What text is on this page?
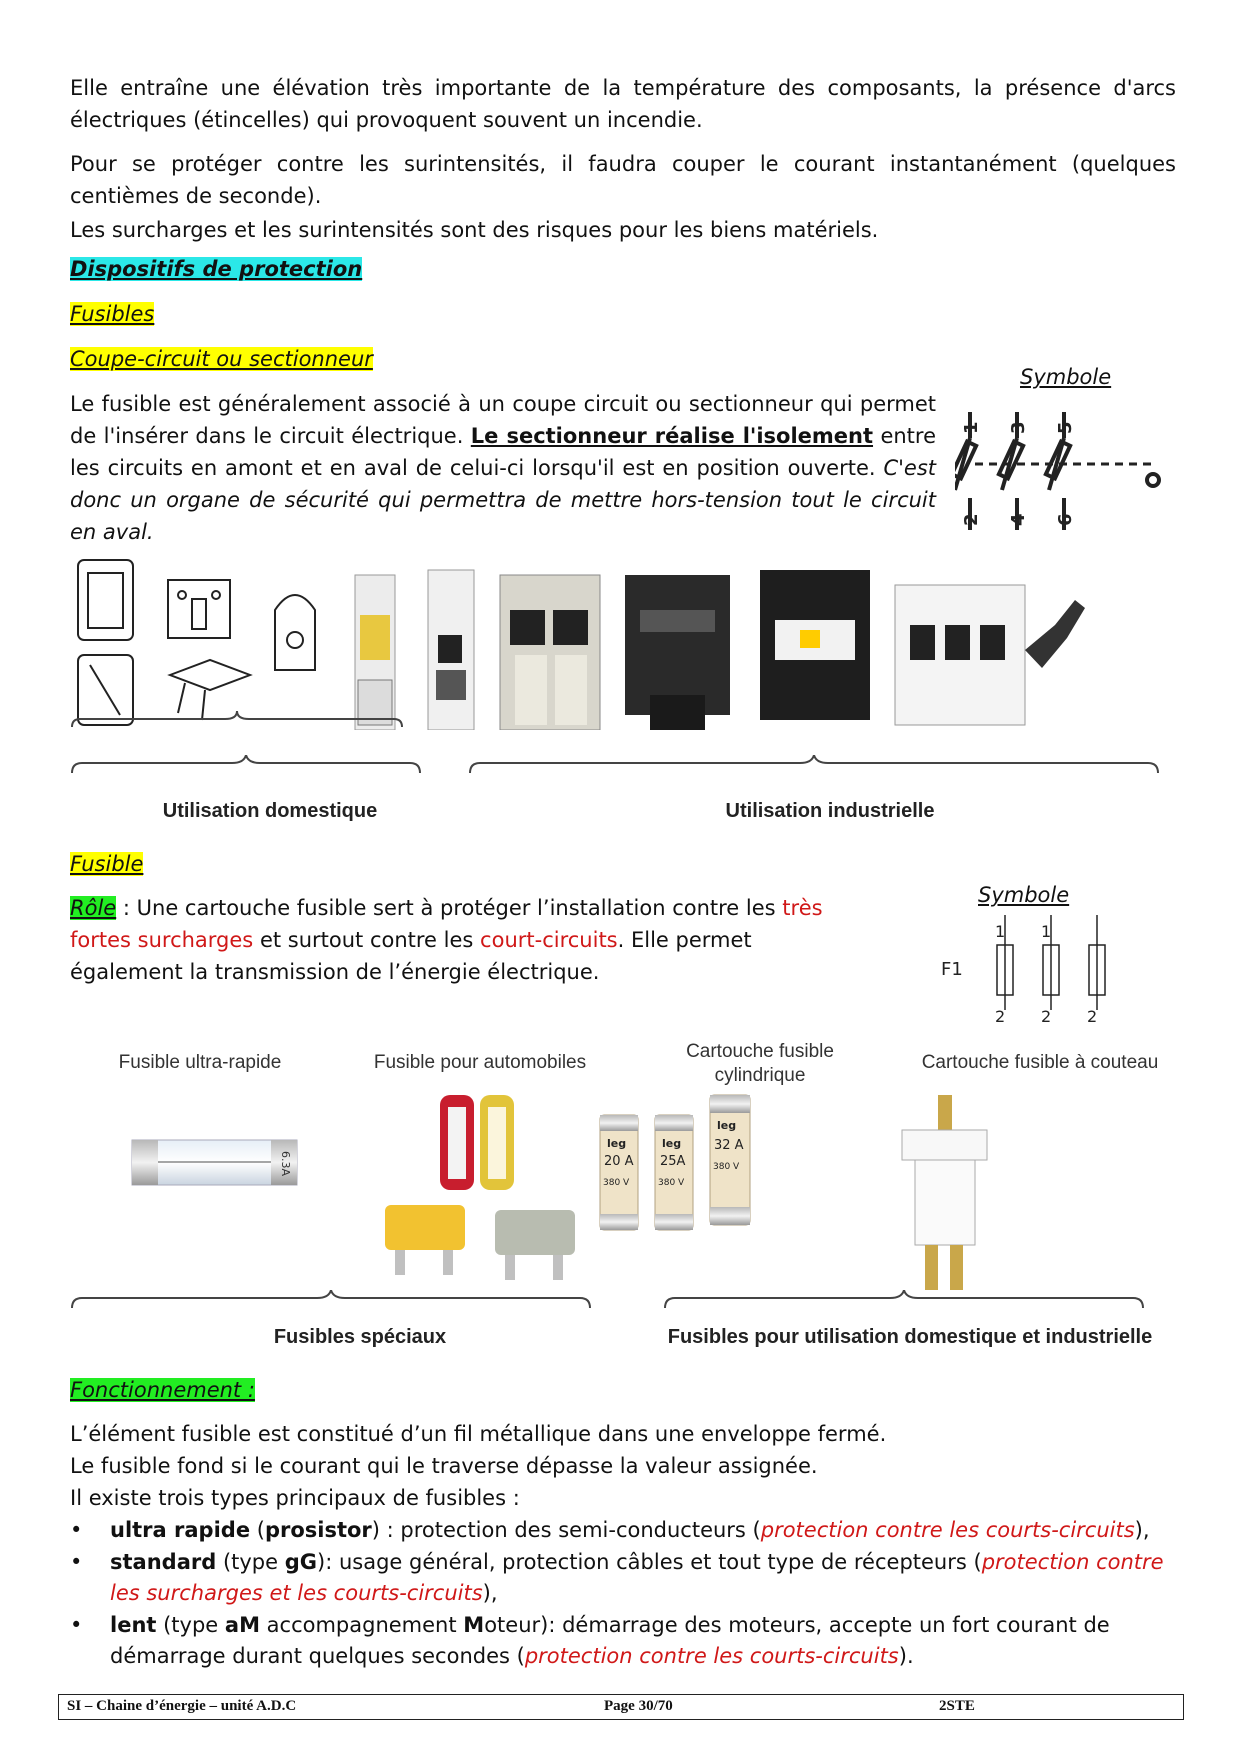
Elle entraîne une élévation très importante de la température des composants, la présence d'arcs électriques (étincelles) qui provoquent souvent un incendie.
Pour se protéger contre les surintensités, il faudra couper le courant instantanément (quelques centièmes de seconde).
Les surcharges et les surintensités sont des risques pour les biens matériels.
Dispositifs de protection
Fusibles
Coupe-circuit ou sectionneur
Le fusible est généralement associé à un coupe circuit ou sectionneur qui permet de l'insérer dans le circuit électrique. Le sectionneur réalise l'isolement entre les circuits en amont et en aval de celui-ci lorsqu'il est en position ouverte. C'est donc un organe de sécurité qui permettra de mettre hors-tension tout le circuit en aval.
Symbole
1 3 5
2 4 6
Utilisation domestique	Utilisation industrielle
Fusible
Rôle : Une cartouche fusible sert à protéger l’installation contre les très fortes surcharges et surtout contre les court-circuits. Elle permet également la transmission de l’énergie électrique.
Symbole
F1
1 1
2 2 2
Fusible ultra-rapide	Fusible pour automobiles
Cartouche fusible cylindrique
Cartouche fusible à couteau
6.3A
leg
20 A
380 V
leg
25A
380 V
leg
32 A
380 V
Fusibles spéciaux	Fusibles pour utilisation domestique et industrielle
Fonctionnement :
L’élément fusible est constitué d’un fil métallique dans une enveloppe fermé.
Le fusible fond si le courant qui le traverse dépasse la valeur assignée.
Il existe trois types principaux de fusibles :
• ultra rapide (prosistor) : protection des semi-conducteurs (protection contre les courts-circuits),
• standard (type gG): usage général, protection câbles et tout type de récepteurs (protection contre les surcharges et les courts-circuits),
• lent (type aM accompagnement Moteur): démarrage des moteurs, accepte un fort courant de démarrage durant quelques secondes (protection contre les courts-circuits).
SI – Chaine d’énergie – unité A.D.C	Page 30/70	2STE
